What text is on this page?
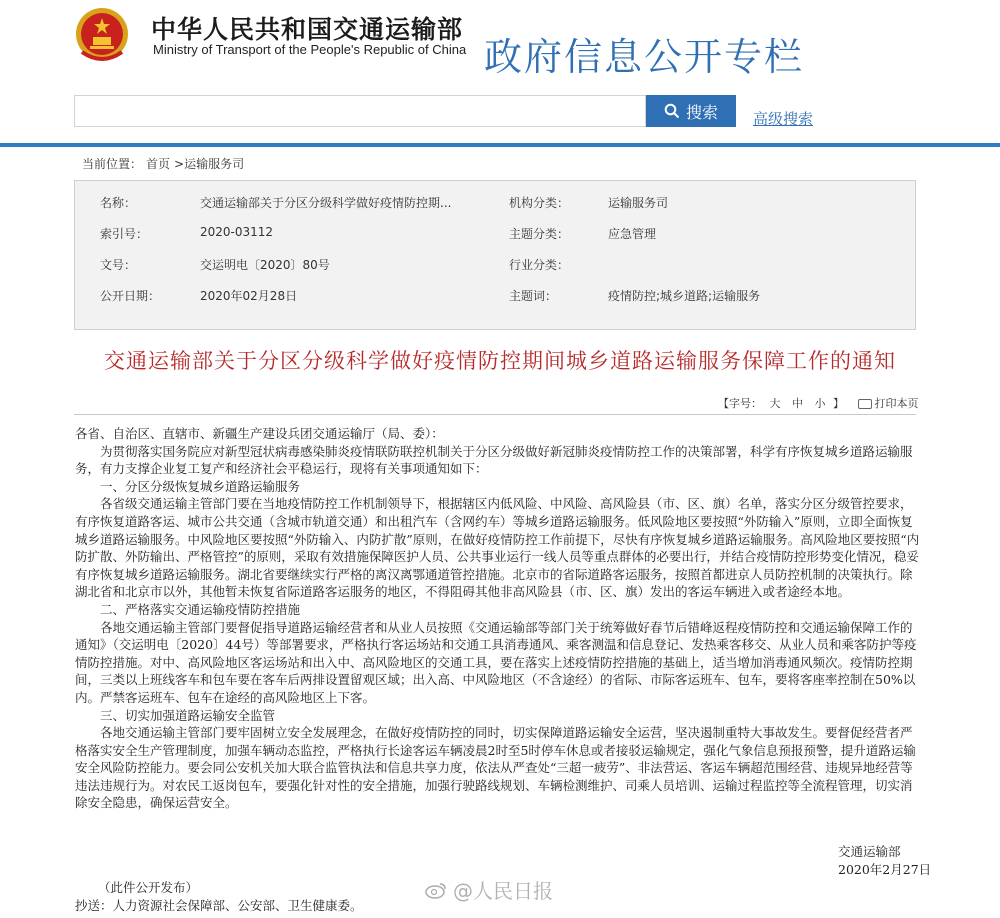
中华人民共和国交通运输部
Ministry of Transport of the People's Republic of China 政府信息公开专栏
搜索 高级搜索
当前位置： 首页 >运输服务司
名称：	交通运输部关于分区分级科学做好疫情防控期...	机构分类：	运输服务司
索引号：	2020-03112	主题分类：	应急管理
文号：	交运明电〔2020〕80号	行业分类：
公开日期：	2020年02月28日	主题词：	疫情防控;城乡道路;运输服务
交通运输部关于分区分级科学做好疫情防控期间城乡道路运输服务保障工作的通知
【字号： 大 中 小 】	打印本页

各省、自治区、直辖市、新疆生产建设兵团交通运输厅（局、委）：

为贯彻落实国务院应对新型冠状病毒感染肺炎疫情联防联控机制关于分区分级做好新冠肺炎疫情防控工作的决策部署，科学有序恢复城乡道路运输服务，有力支撑企业复工复产和经济社会平稳运行，现将有关事项通知如下：

一、分区分级恢复城乡道路运输服务

各省级交通运输主管部门要在当地疫情防控工作机制领导下，根据辖区内低风险、中风险、高风险县（市、区、旗）名单，落实分区分级管控要求，有序恢复道路客运、城市公共交通（含城市轨道交通）和出租汽车（含网约车）等城乡道路运输服务。低风险地区要按照“外防输入”原则，立即全面恢复城乡道路运输服务。中风险地区要按照“外防输入、内防扩散”原则，在做好疫情防控工作前提下，尽快有序恢复城乡道路运输服务。高风险地区要按照“内防扩散、外防输出、严格管控”的原则，采取有效措施保障医护人员、公共事业运行一线人员等重点群体的必要出行，并结合疫情防控形势变化情况，稳妥有序恢复城乡道路运输服务。湖北省要继续实行严格的离汉离鄂通道管控措施。北京市的省际道路客运服务，按照首都进京人员防控机制的决策执行。除湖北省和北京市以外，其他暂未恢复省际道路客运服务的地区，不得阻碍其他非高风险县（市、区、旗）发出的客运车辆进入或者途经本地。

二、严格落实交通运输疫情防控措施

各地交通运输主管部门要督促指导道路运输经营者和从业人员按照《交通运输部等部门关于统筹做好春节后错峰返程疫情防控和交通运输保障工作的通知》（交运明电〔2020〕44号）等部署要求，严格执行客运场站和交通工具消毒通风、乘客测温和信息登记、发热乘客移交、从业人员和乘客防护等疫情防控措施。对中、高风险地区客运场站和出入中、高风险地区的交通工具，要在落实上述疫情防控措施的基础上，适当增加消毒通风频次。疫情防控期间，三类以上班线客车和包车要在客车后两排设置留观区域；出入高、中风险地区（不含途经）的省际、市际客运班车、包车，要将客座率控制在50%以内。严禁客运班车、包车在途经的高风险地区上下客。

三、切实加强道路运输安全监管

各地交通运输主管部门要牢固树立安全发展理念，在做好疫情防控的同时，切实保障道路运输安全运营，坚决遏制重特大事故发生。要督促经营者严格落实安全生产管理制度，加强车辆动态监控，严格执行长途客运车辆凌晨2时至5时停车休息或者接驳运输规定，强化气象信息预报预警，提升道路运输安全风险防控能力。要会同公安机关加大联合监管执法和信息共享力度，依法从严查处“三超一疲劳”、非法营运、客运车辆超范围经营、违规异地经营等违法违规行为。对农民工返岗包车，要强化针对性的安全措施，加强行驶路线规划、车辆检测维护、司乘人员培训、运输过程监控等全流程管理，切实消除安全隐患，确保运营安全。

交通运输部
2020年2月27日
（此件公开发布）
抄送：人力资源社会保障部、公安部、卫生健康委。
@人民日报
